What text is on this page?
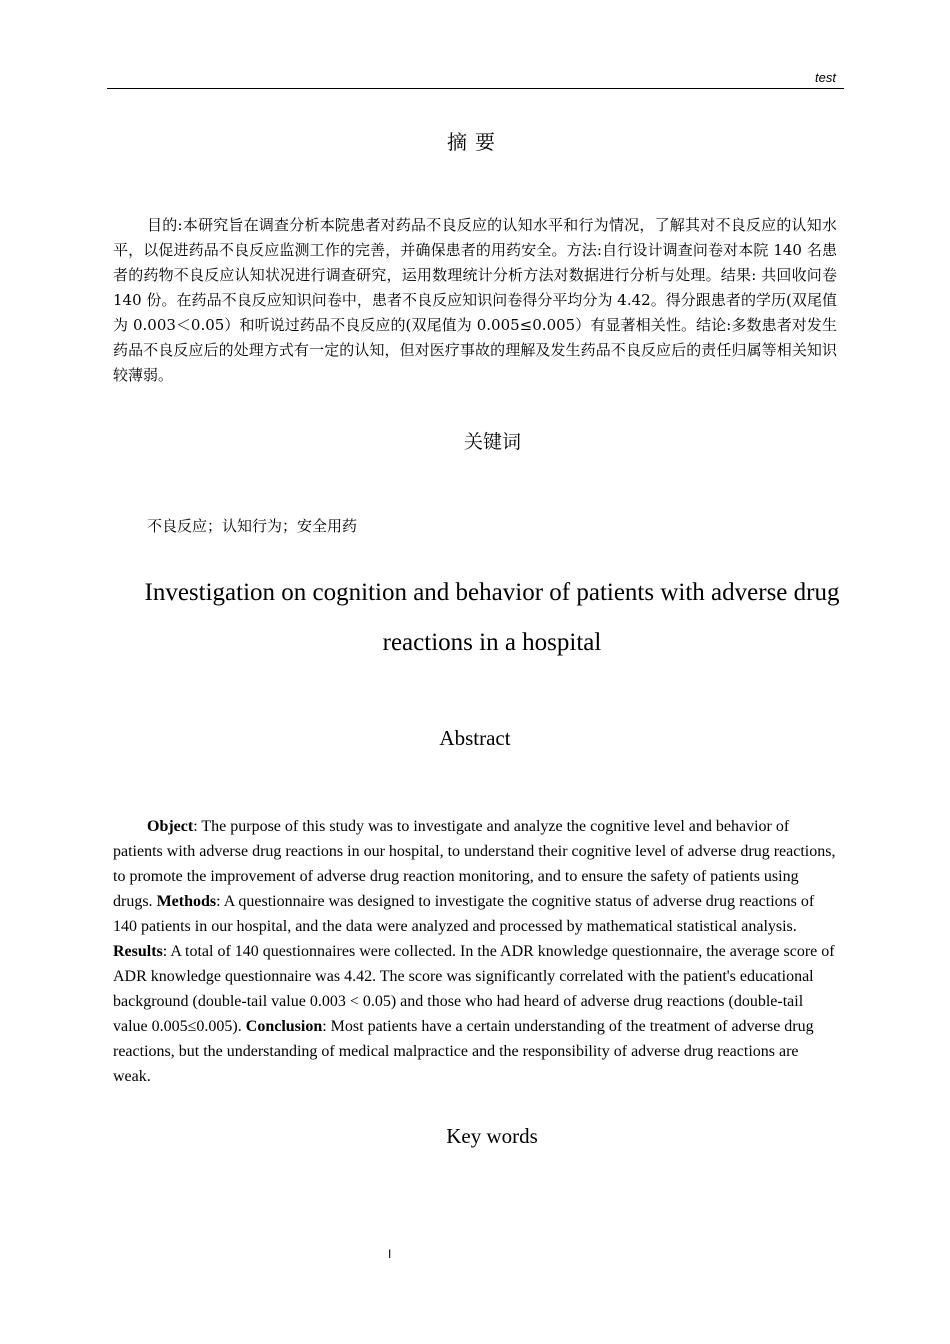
test
摘要

目的:本研究旨在调查分析本院患者对药品不良反应的认知水平和行为情况，了解其对不良反应的认知水平，以促进药品不良反应监测工作的完善，并确保患者的用药安全。方法:自行设计调查问卷对本院 140 名患者的药物不良反应认知状况进行调查研究，运用数理统计分析方法对数据进行分析与处理。结果: 共回收问卷 140 份。在药品不良反应知识问卷中，患者不良反应知识问卷得分平均分为 4.42。得分跟患者的学历(双尾值为 0.003＜0.05）和听说过药品不良反应的(双尾值为 0.005≤0.005）有显著相关性。结论:多数患者对发生药品不良反应后的处理方式有一定的认知，但对医疗事故的理解及发生药品不良反应后的责任归属等相关知识较薄弱。

关键词
不良反应；认知行为；安全用药
Investigation on cognition and behavior of patients with adverse drug reactions in a hospital
Abstract

Object: The purpose of this study was to investigate and analyze the cognitive level and behavior of patients with adverse drug reactions in our hospital, to understand their cognitive level of adverse drug reactions, to promote the improvement of adverse drug reaction monitoring, and to ensure the safety of patients using drugs. Methods: A questionnaire was designed to investigate the cognitive status of adverse drug reactions of 140 patients in our hospital, and the data were analyzed and processed by mathematical statistical analysis. Results: A total of 140 questionnaires were collected. In the ADR knowledge questionnaire, the average score of ADR knowledge questionnaire was 4.42. The score was significantly correlated with the patient's educational background (double-tail value 0.003 < 0.05) and those who had heard of adverse drug reactions (double-tail value 0.005≤0.005). Conclusion: Most patients have a certain understanding of the treatment of adverse drug reactions, but the understanding of medical malpractice and the responsibility of adverse drug reactions are weak.

Key words
I
